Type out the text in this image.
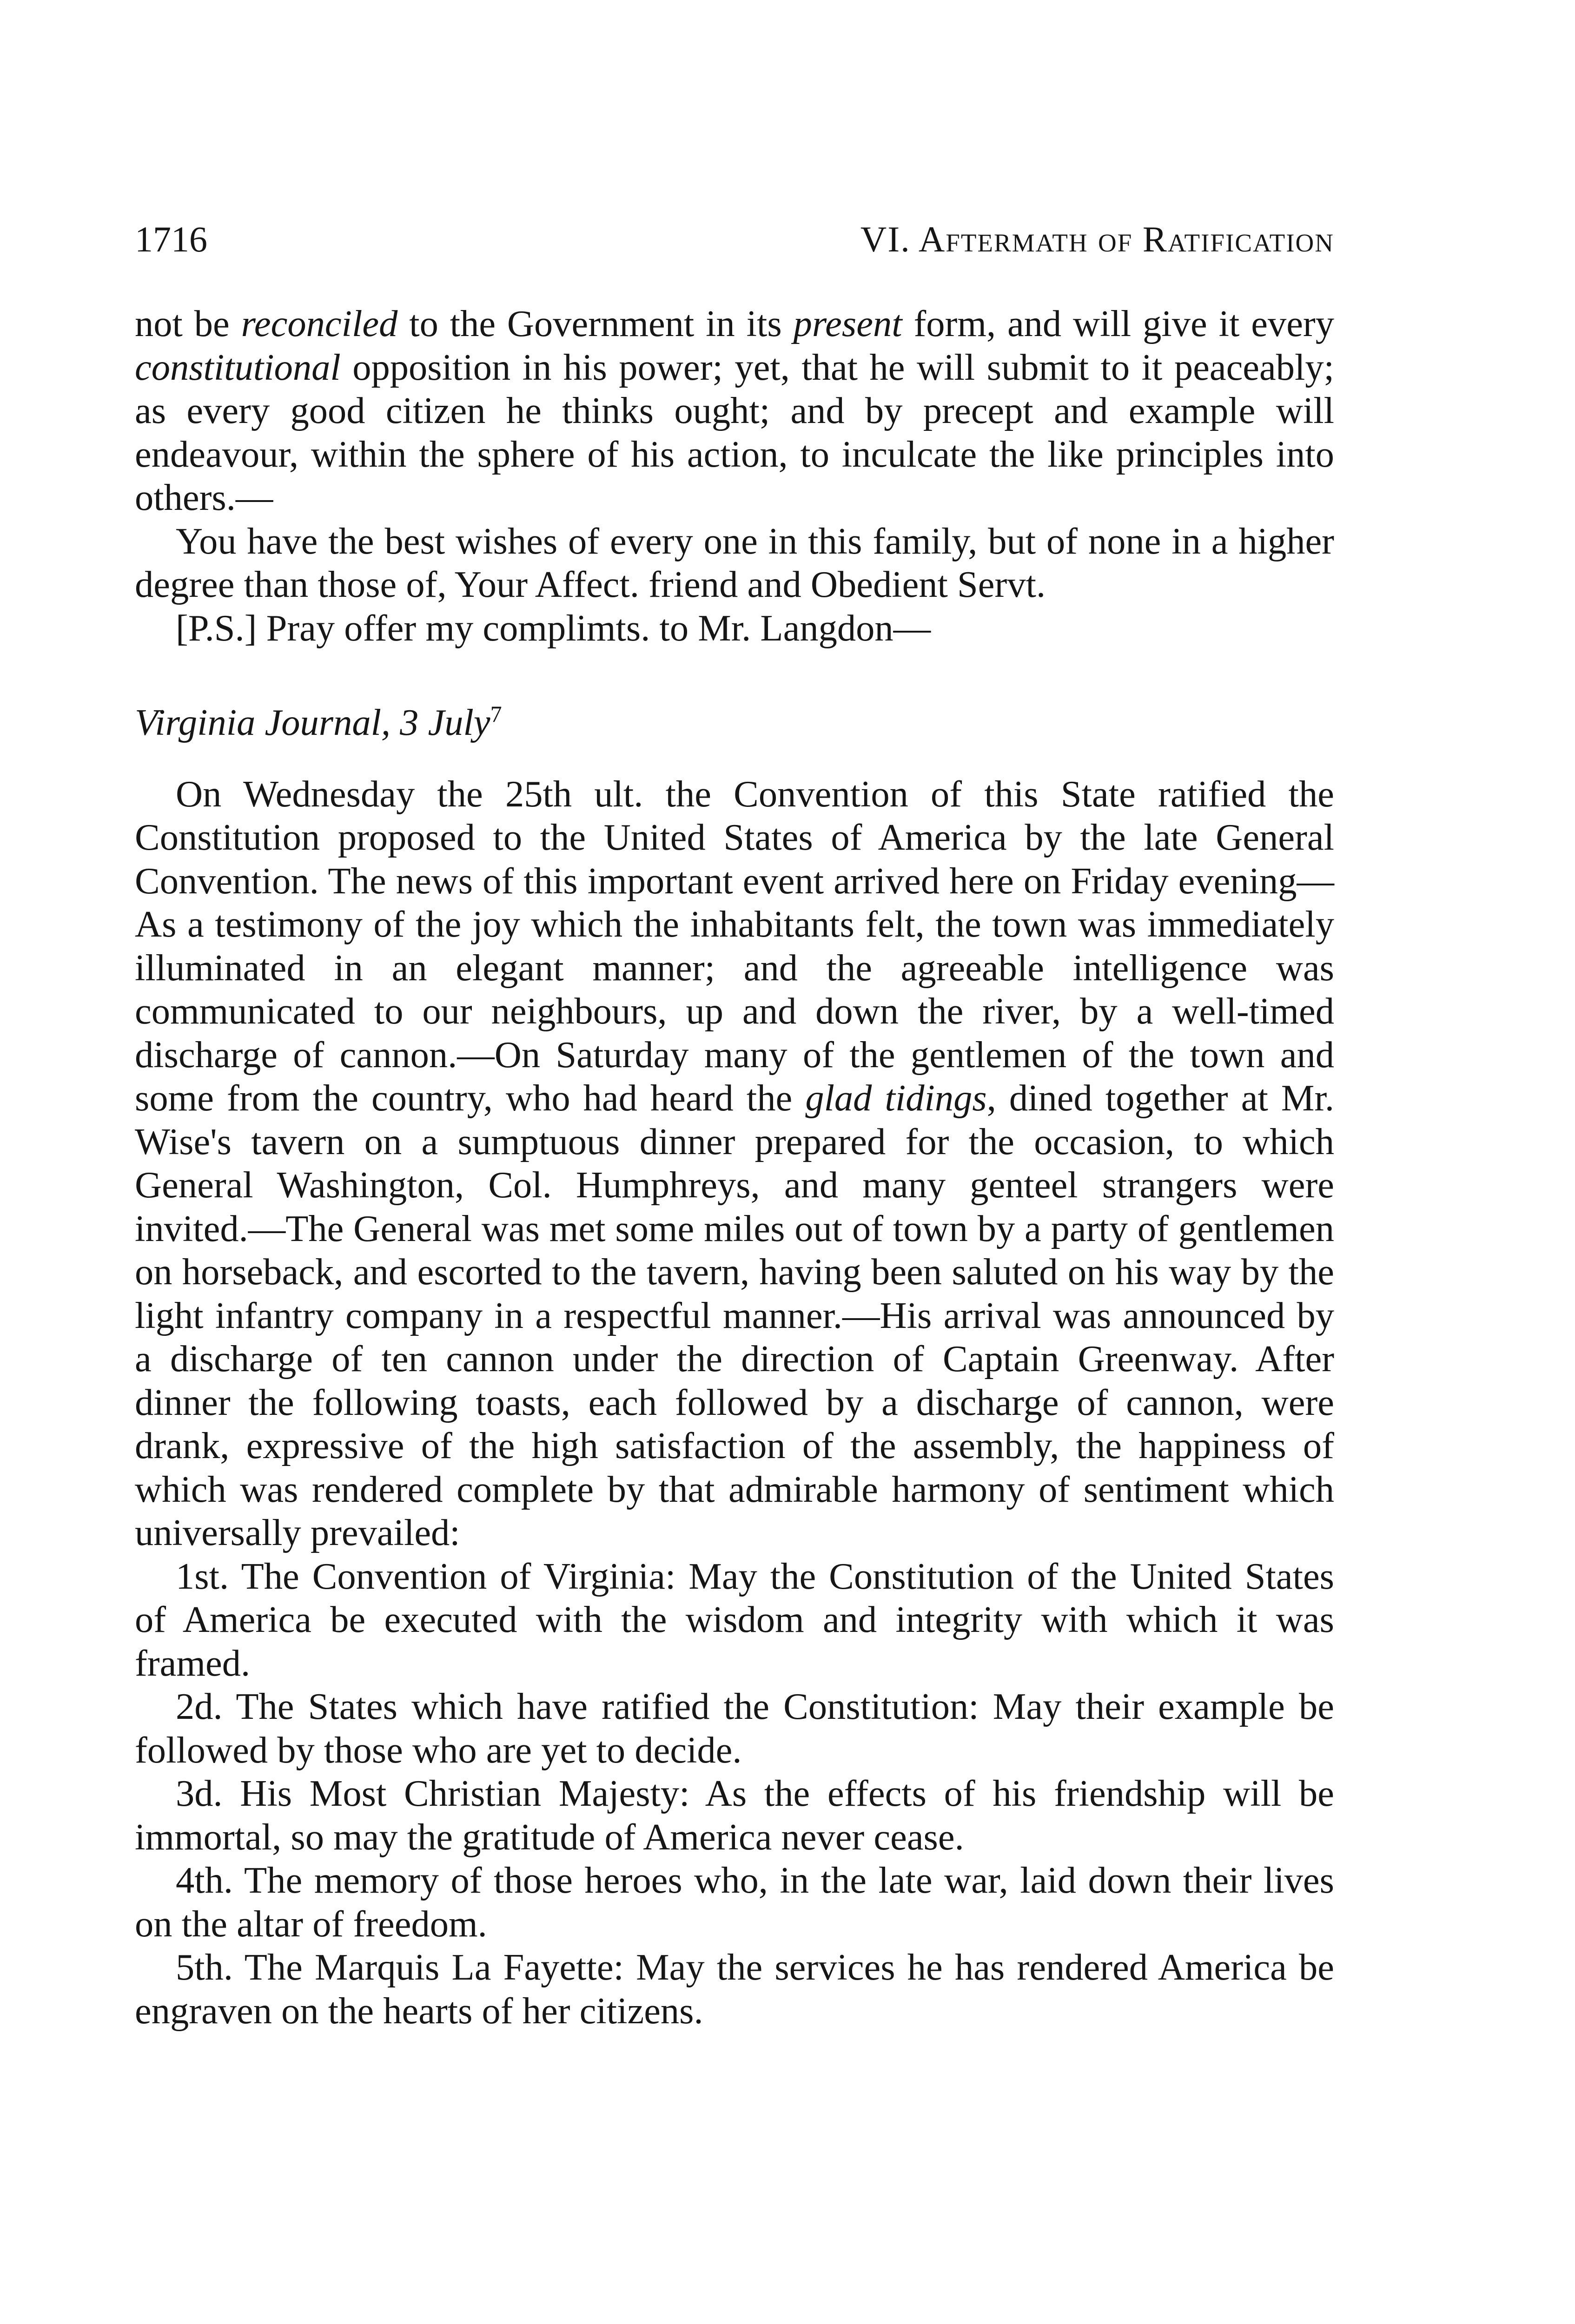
1716	VI. Aftermath of Ratification

not be reconciled to the Government in its present form, and will give it every constitutional opposition in his power; yet, that he will submit to it peaceably; as every good citizen he thinks ought; and by precept and example will endeavour, within the sphere of his action, to inculcate the like principles into others.—

You have the best wishes of every one in this family, but of none in a higher degree than those of, Your Affect. friend and Obedient Servt.

[P.S.] Pray offer my complimts. to Mr. Langdon—

Virginia Journal, 3 July$^7$

On Wednesday the 25th ult. the Convention of this State ratified the Constitution proposed to the United States of America by the late General Convention. The news of this important event arrived here on Friday evening—As a testimony of the joy which the inhabitants felt, the town was immediately illuminated in an elegant manner; and the agreeable intelligence was communicated to our neighbours, up and down the river, by a well-timed discharge of cannon.—On Saturday many of the gentlemen of the town and some from the country, who had heard the glad tidings, dined together at Mr. Wise's tavern on a sumptuous dinner prepared for the occasion, to which General Washington, Col. Humphreys, and many genteel strangers were invited.—The General was met some miles out of town by a party of gentlemen on horseback, and escorted to the tavern, having been saluted on his way by the light infantry company in a respectful manner.—His arrival was announced by a discharge of ten cannon under the direction of Captain Greenway. After dinner the following toasts, each followed by a discharge of cannon, were drank, expressive of the high satisfaction of the assembly, the happiness of which was rendered complete by that admirable harmony of sentiment which universally prevailed:

1st. The Convention of Virginia: May the Constitution of the United States of America be executed with the wisdom and integrity with which it was framed.

2d. The States which have ratified the Constitution: May their example be followed by those who are yet to decide.

3d. His Most Christian Majesty: As the effects of his friendship will be immortal, so may the gratitude of America never cease.

4th. The memory of those heroes who, in the late war, laid down their lives on the altar of freedom.

5th. The Marquis La Fayette: May the services he has rendered America be engraven on the hearts of her citizens.
